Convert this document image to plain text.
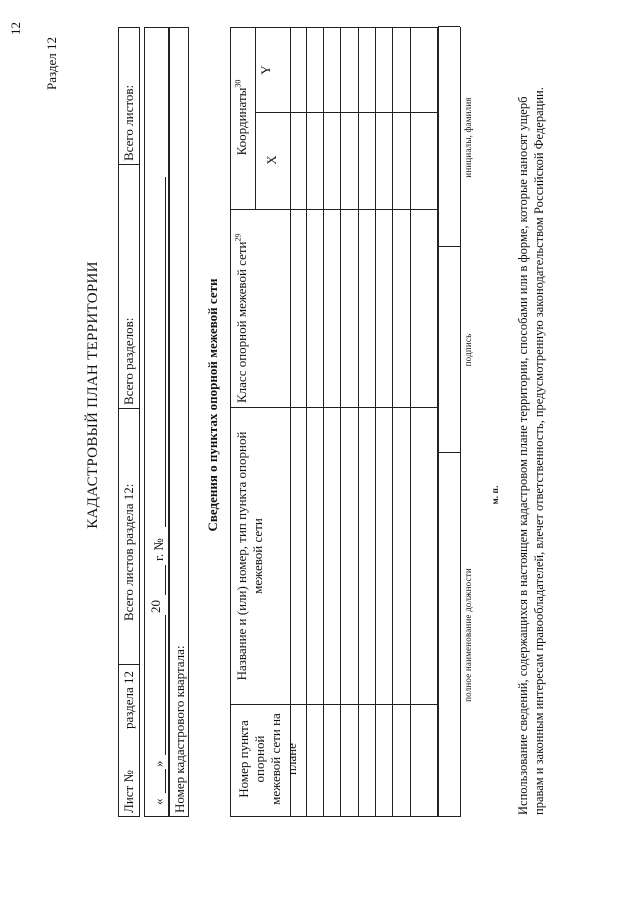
12
Раздел 12
КАДАСТРОВЫЙ ПЛАН ТЕРРИТОРИИ
Лист №
раздела 12
Всего листов раздела 12:
Всего разделов:
Всего листов:
«
»
20
г. №
Номер кадастрового квартала:
Сведения о пунктах опорной межевой сети
Номер пункта опорной межевой сети на плане
Название и (или) номер, тип пункта опорной межевой сети
Класс опорной межевой сети$^{29}$
Координаты$^{30}$
X
Y
полное наименование должности
подпись
инициалы, фамилия
м. п. Использование сведений, содержащихся в настоящем кадастровом плане территории, способами или в форме, которые наносят ущерб правам и законным интересам правообладателей, влечет ответственность, предусмотренную законодательством Российской Федерации.
